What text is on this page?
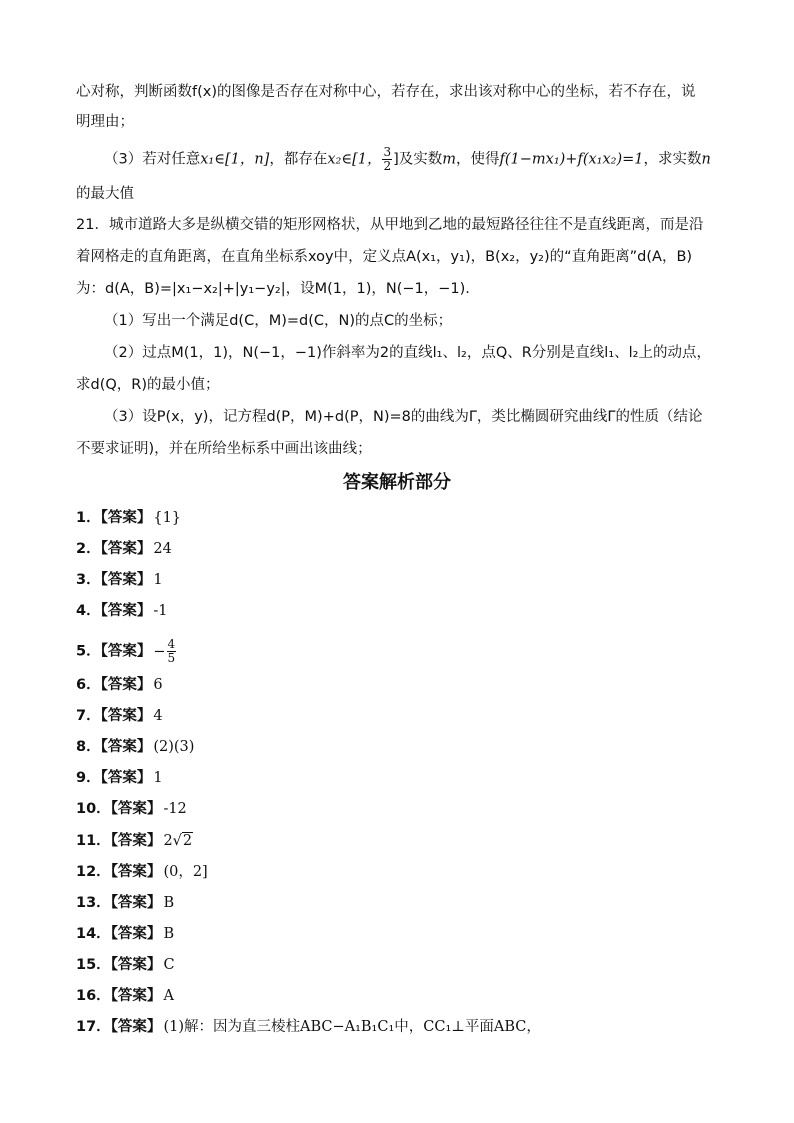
心对称，判断函数f(x)的图像是否存在对称中心，若存在，求出该对称中心的坐标，若不存在，说
明理由；
（3）若对任意x₁∈[1，n]，都存在x₂∈[1， $\frac{3}{2}$ ]及实数m，使得f(1−mx₁)+f(x₁x₂)=1，求实数n
的最大值
21．城市道路大多是纵横交错的矩形网格状，从甲地到乙地的最短路径往往不是直线距离，而是沿
着网格走的直角距离，在直角坐标系xoy中，定义点A(x₁，y₁)，B(x₂，y₂)的“直角距离”d(A，B)
为：d(A，B)=|x₁−x₂|+|y₁−y₂|，设M(1，1)，N(−1，−1).
（1）写出一个满足d(C，M)=d(C，N)的点C的坐标；
（2）过点M(1，1)，N(−1，−1)作斜率为2的直线l₁、l₂，点Q、R分别是直线l₁、l₂上的动点，
求d(Q，R)的最小值；
（3）设P(x，y)，记方程d(P，M)+d(P，N)=8的曲线为Γ，类比椭圆研究曲线Γ的性质（结论
不要求证明)，并在所给坐标系中画出该曲线；
答案解析部分
1．【答案】 {1}
2．【答案】 24
3．【答案】 1
4．【答案】 -1
5．【答案】 − $\frac{4}{5}$
6．【答案】 6
7．【答案】 4
8．【答案】 (2)(3)
9．【答案】 1
10．【答案】 -12
11．【答案】 2√2
12．【答案】 (0，2]
13．【答案】 B
14．【答案】 B
15．【答案】 C
16．【答案】 A
17．【答案】 (1)解：因为直三棱柱ABC−A₁B₁C₁中，CC₁⊥平面ABC，
